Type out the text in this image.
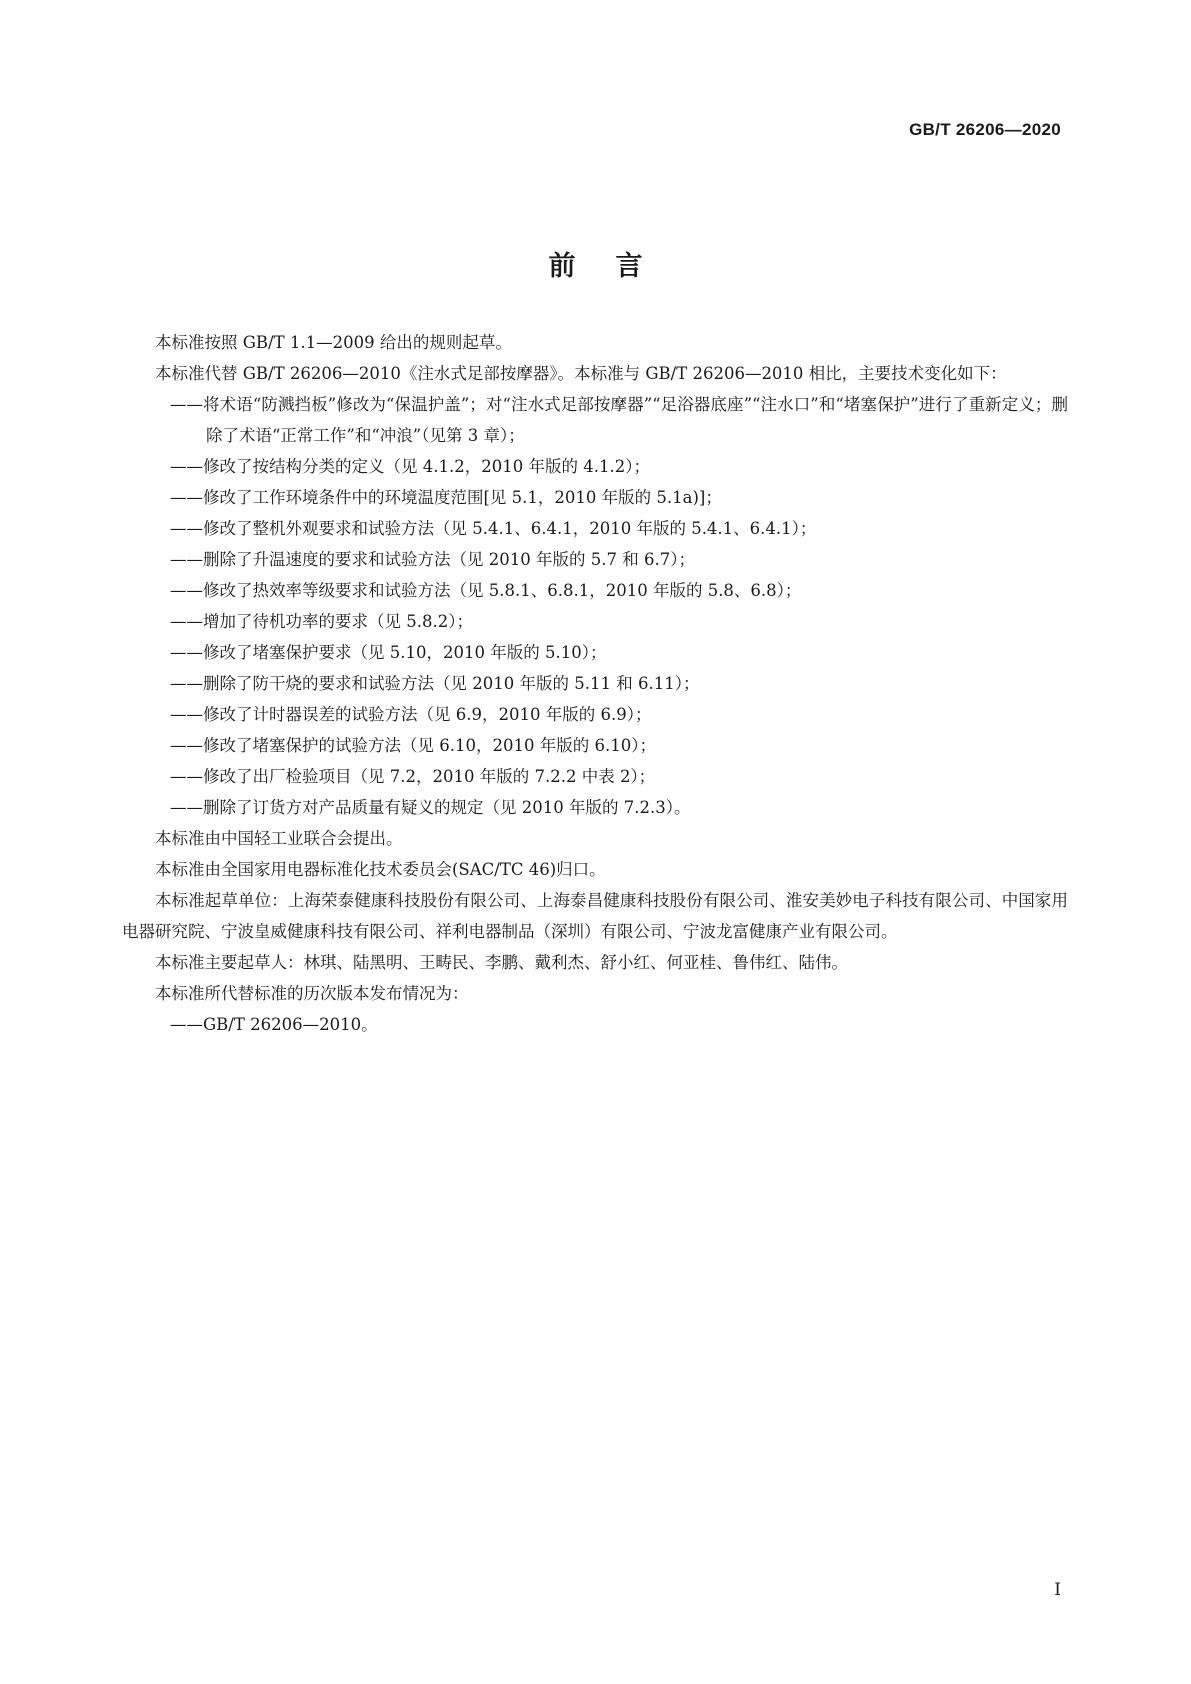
GB/T 26206—2020
前言

本标准按照 GB/T 1.1—2009 给出的规则起草。

本标准代替 GB/T 26206—2010《注水式足部按摩器》。本标准与 GB/T 26206—2010 相比，主要技术变化如下：

——将术语“防溅挡板”修改为“保温护盖”；对“注水式足部按摩器”“足浴器底座”“注水口”和“堵塞保护”进行了重新定义；删除了术语“正常工作”和“冲浪”（见第 3 章）；
——修改了按结构分类的定义（见 4.1.2，2010 年版的 4.1.2）；
——修改了工作环境条件中的环境温度范围[见 5.1，2010 年版的 5.1a)]；
——修改了整机外观要求和试验方法（见 5.4.1、6.4.1，2010 年版的 5.4.1、6.4.1）；
——删除了升温速度的要求和试验方法（见 2010 年版的 5.7 和 6.7）；
——修改了热效率等级要求和试验方法（见 5.8.1、6.8.1，2010 年版的 5.8、6.8）；
——增加了待机功率的要求（见 5.8.2）；
——修改了堵塞保护要求（见 5.10，2010 年版的 5.10）；
——删除了防干烧的要求和试验方法（见 2010 年版的 5.11 和 6.11）；
——修改了计时器误差的试验方法（见 6.9，2010 年版的 6.9）；
——修改了堵塞保护的试验方法（见 6.10，2010 年版的 6.10）；
——修改了出厂检验项目（见 7.2，2010 年版的 7.2.2 中表 2）；
——删除了订货方对产品质量有疑义的规定（见 2010 年版的 7.2.3）。

本标准由中国轻工业联合会提出。

本标准由全国家用电器标准化技术委员会(SAC/TC 46)归口。

本标准起草单位：上海荣泰健康科技股份有限公司、上海泰昌健康科技股份有限公司、淮安美妙电子科技有限公司、中国家用电器研究院、宁波皇威健康科技有限公司、祥利电器制品（深圳）有限公司、宁波龙富健康产业有限公司。

本标准主要起草人：林琪、陆黑明、王畴民、李鹏、戴利杰、舒小红、何亚桂、鲁伟红、陆伟。

本标准所代替标准的历次版本发布情况为：

——GB/T 26206—2010。
I
